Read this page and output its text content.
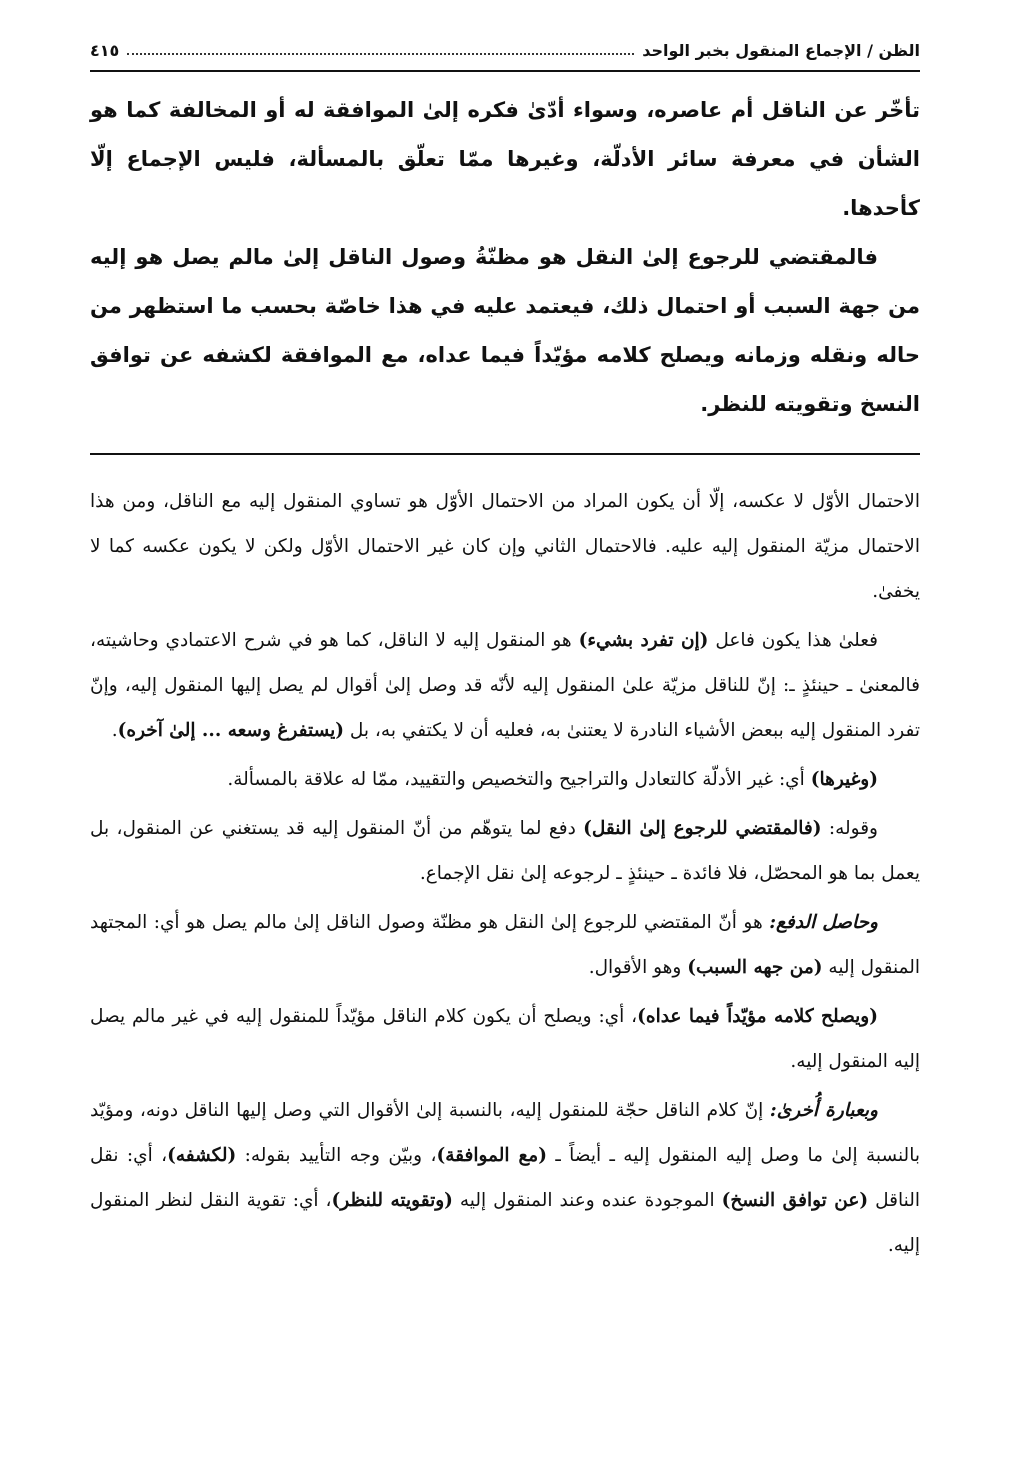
الظن / الإجماع المنقول بخبر الواحد
٤١٥

تأخّر عن الناقل أم عاصره، وسواء أدّىٰ فكره إلىٰ الموافقة له أو المخالفة كما هو الشأن في معرفة سائر الأدلّة، وغيرها ممّا تعلّق بالمسألة، فليس الإجماع إلّا كأحدها.

فالمقتضي للرجوع إلىٰ النقل هو مظنّةُ وصول الناقل إلىٰ مالم يصل هو إليه من جهة السبب أو احتمال ذلك، فيعتمد عليه في هذا خاصّة بحسب ما استظهر من حاله ونقله وزمانه ويصلح كلامه مؤيّداً فيما عداه، مع الموافقة لكشفه عن توافق النسخ وتقويته للنظر.

الاحتمال الأوّل لا عكسه، إلّا أن يكون المراد من الاحتمال الأوّل هو تساوي المنقول إليه مع الناقل، ومن هذا الاحتمال مزيّة المنقول إليه عليه. فالاحتمال الثاني وإن كان غير الاحتمال الأوّل ولكن لا يكون عكسه كما لا يخفىٰ.

فعلىٰ هذا يكون فاعل (إن تفرد بشيء) هو المنقول إليه لا الناقل، كما هو في شرح الاعتمادي وحاشيته، فالمعنىٰ ـ حينئذٍ ـ: إنّ للناقل مزيّة علىٰ المنقول إليه لأنّه قد وصل إلىٰ أقوال لم يصل إليها المنقول إليه، وإنّ تفرد المنقول إليه ببعض الأشياء النادرة لا يعتنىٰ به، فعليه أن لا يكتفي به، بل (يستفرغ وسعه ... إلىٰ آخره).

(وغيرها) أي: غير الأدلّة كالتعادل والتراجيح والتخصيص والتقييد، ممّا له علاقة بالمسألة.

وقوله: (فالمقتضي للرجوع إلىٰ النقل) دفع لما يتوهّم من أنّ المنقول إليه قد يستغني عن المنقول، بل يعمل بما هو المحصّل، فلا فائدة ـ حينئذٍ ـ لرجوعه إلىٰ نقل الإجماع.

وحاصل الدفع: هو أنّ المقتضي للرجوع إلىٰ النقل هو مظنّة وصول الناقل إلىٰ مالم يصل هو أي: المجتهد المنقول إليه (من جهه السبب) وهو الأقوال.

(ويصلح كلامه مؤيّداً فيما عداه)، أي: ويصلح أن يكون كلام الناقل مؤيّداً للمنقول إليه في غير مالم يصل إليه المنقول إليه.

وبعبارة أُخرىٰ: إنّ كلام الناقل حجّة للمنقول إليه، بالنسبة إلىٰ الأقوال التي وصل إليها الناقل دونه، ومؤيّد بالنسبة إلىٰ ما وصل إليه المنقول إليه ـ أيضاً ـ (مع الموافقة)، وبيّن وجه التأييد بقوله: (لكشفه)، أي: نقل الناقل (عن توافق النسخ) الموجودة عنده وعند المنقول إليه (وتقويته للنظر)، أي: تقوية النقل لنظر المنقول إليه.
